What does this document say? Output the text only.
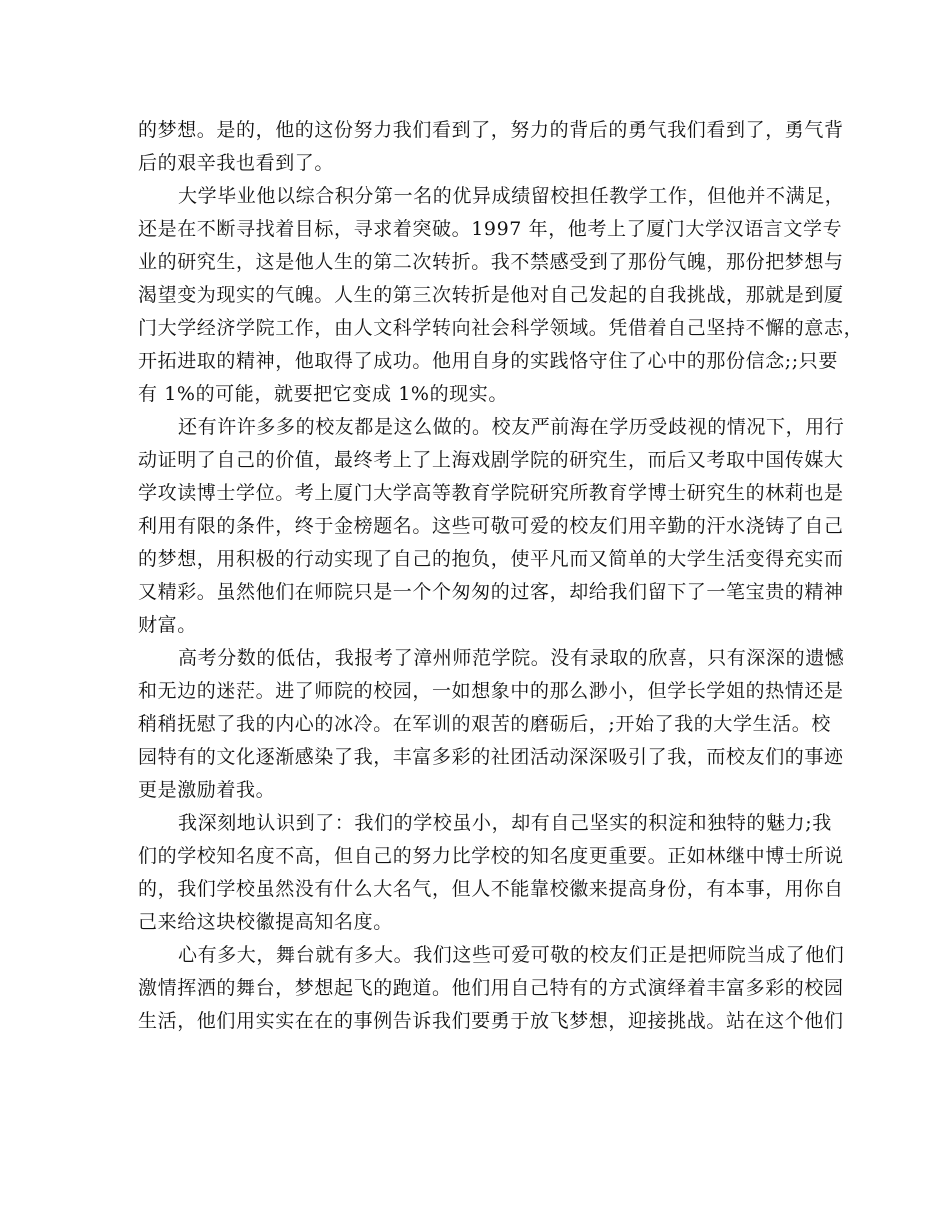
的梦想。是的，他的这份努力我们看到了，努力的背后的勇气我们看到了，勇气背
后的艰辛我也看到了。

大学毕业他以综合积分第一名的优异成绩留校担任教学工作，但他并不满足，
还是在不断寻找着目标，寻求着突破。1997 年，他考上了厦门大学汉语言文学专
业的研究生，这是他人生的第二次转折。我不禁感受到了那份气魄，那份把梦想与
渴望变为现实的气魄。人生的第三次转折是他对自己发起的自我挑战，那就是到厦
门大学经济学院工作，由人文科学转向社会科学领域。凭借着自己坚持不懈的意志，
开拓进取的精神，他取得了成功。他用自身的实践恪守住了心中的那份信念;;只要
有 1%的可能，就要把它变成 1%的现实。

还有许许多多的校友都是这么做的。校友严前海在学历受歧视的情况下，用行
动证明了自己的价值，最终考上了上海戏剧学院的研究生，而后又考取中国传媒大
学攻读博士学位。考上厦门大学高等教育学院研究所教育学博士研究生的林莉也是
利用有限的条件，终于金榜题名。这些可敬可爱的校友们用辛勤的汗水浇铸了自己
的梦想，用积极的行动实现了自己的抱负，使平凡而又简单的大学生活变得充实而
又精彩。虽然他们在师院只是一个个匆匆的过客，却给我们留下了一笔宝贵的精神
财富。

高考分数的低估，我报考了漳州师范学院。没有录取的欣喜，只有深深的遗憾
和无边的迷茫。进了师院的校园，一如想象中的那么渺小，但学长学姐的热情还是
稍稍抚慰了我的内心的冰冷。在军训的艰苦的磨砺后，;开始了我的大学生活。校
园特有的文化逐渐感染了我，丰富多彩的社团活动深深吸引了我，而校友们的事迹
更是激励着我。

我深刻地认识到了：我们的学校虽小，却有自己坚实的积淀和独特的魅力;我
们的学校知名度不高，但自己的努力比学校的知名度更重要。正如林继中博士所说
的，我们学校虽然没有什么大名气，但人不能靠校徽来提高身份，有本事，用你自
己来给这块校徽提高知名度。

心有多大，舞台就有多大。我们这些可爱可敬的校友们正是把师院当成了他们
激情挥洒的舞台，梦想起飞的跑道。他们用自己特有的方式演绎着丰富多彩的校园
生活，他们用实实在在的事例告诉我们要勇于放飞梦想，迎接挑战。站在这个他们
